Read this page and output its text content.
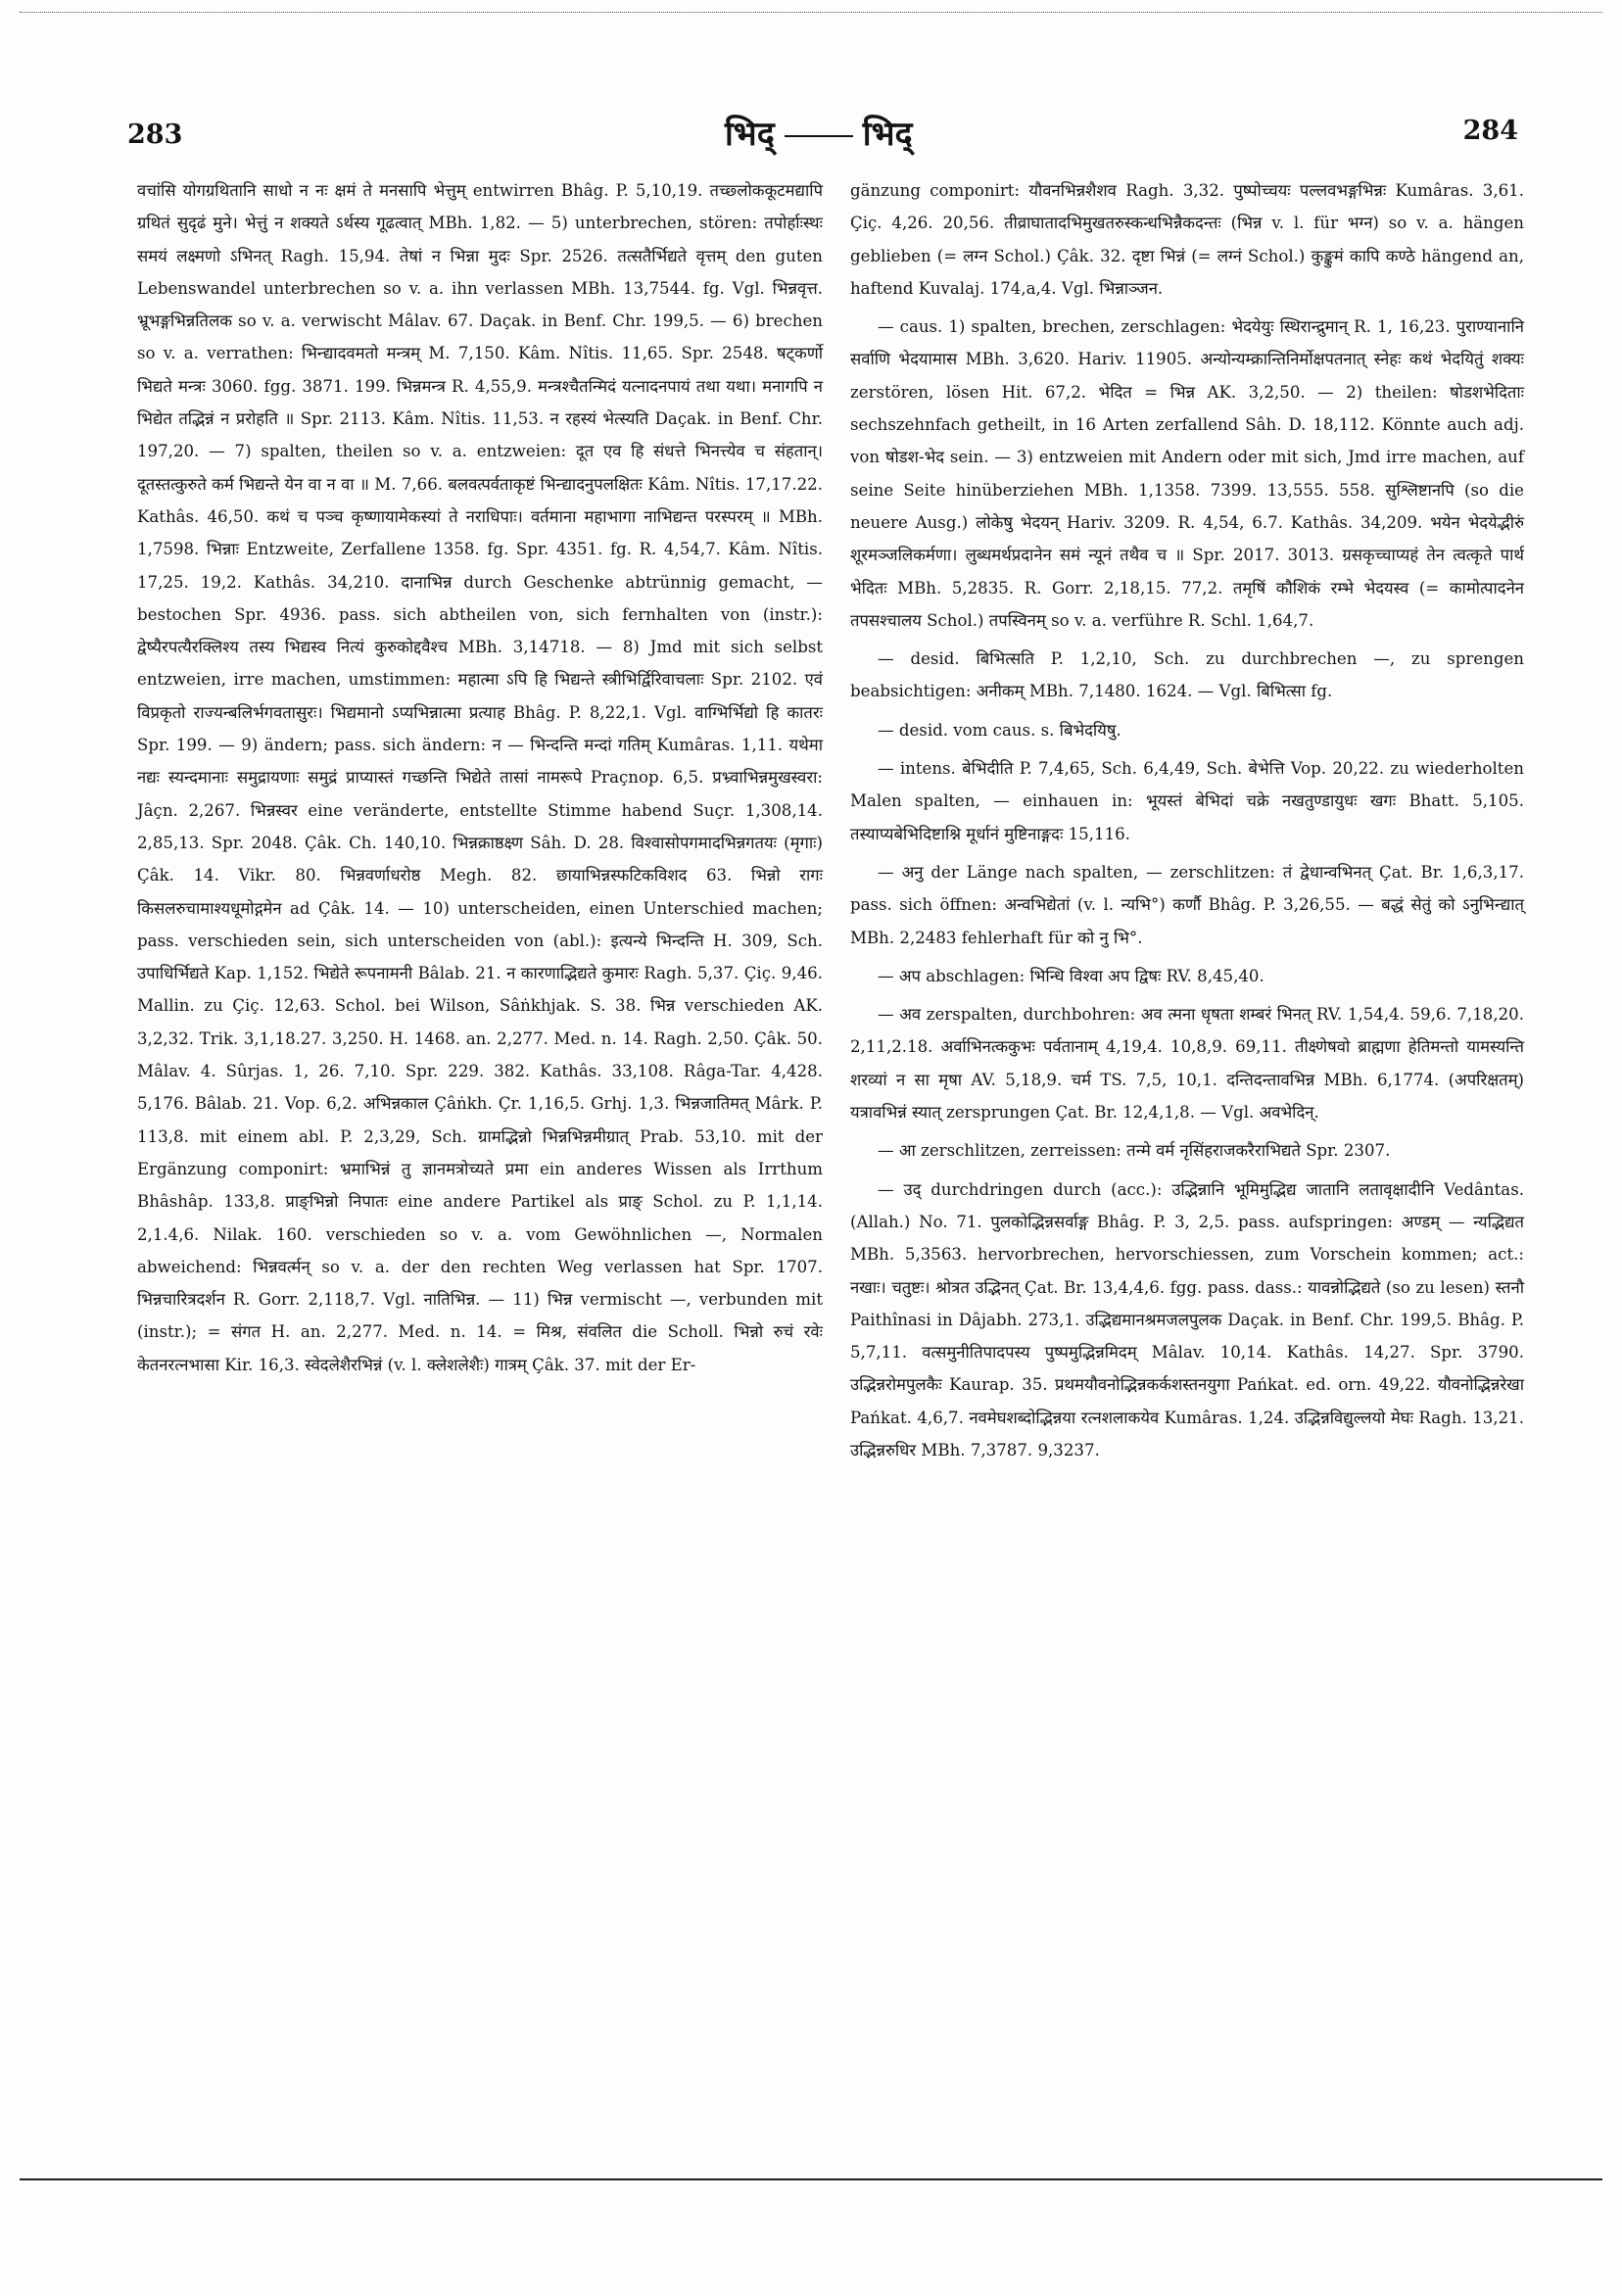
283	भिद्	भिद्	284

वचांसि योगग्रथितानि साधो न नः क्षमं ते मनसापि भेत्तुम् entwirren Bhâg. P. 5,10,19. तच्छ्लोककूटमद्यापि ग्रथितं सुदृढं मुने। भेत्तुं न शक्यते ऽर्थस्य गूढत्वात् MBh. 1,82. — 5) unterbrechen, stören: तपोर्हाःस्थः समयं लक्ष्मणो ऽभिनत् Ragh. 15,94. तेषां न भिन्ना मुदः Spr. 2526. तत्सतैर्भिद्यते वृत्तम् den guten Lebenswandel unterbrechen so v. a. ihn verlassen MBh. 13,7544. fg. Vgl. भिन्नवृत्त. भ्रूभङ्गभिन्नतिलक so v. a. verwischt Mâlav. 67. Daçak. in Benf. Chr. 199,5. — 6) brechen so v. a. verrathen: भिन्द्यादवमतो मन्त्रम् M. 7,150. Kâm. Nîtis. 11,65. Spr. 2548. षट्कर्णो भिद्यते मन्त्रः 3060. fgg. 3871. 199. भिन्नमन्त्र R. 4,55,9. मन्त्रश्चैतन्मिदं यत्नादनपायं तथा यथा। मनागपि न भिद्येत तद्भिन्नं न प्ररोहति ॥ Spr. 2113. Kâm. Nîtis. 11,53. न रहस्यं भेत्स्यति Daçak. in Benf. Chr. 197,20. — 7) spalten, theilen so v. a. entzweien: दूत एव हि संधत्ते भिनत्त्येव च संहतान्। दूतस्तत्कुरुते कर्म भिद्यन्ते येन वा न वा ॥ M. 7,66. बलवत्पर्वताकृष्टं भिन्द्यादनुपलक्षितः Kâm. Nîtis. 17,17.22. Kathâs. 46,50. कथं च पञ्च कृष्णायामेकस्यां ते नराधिपाः। वर्तमाना महाभागा नाभिद्यन्त परस्परम् ॥ MBh. 1,7598. भिन्नाः Entzweite, Zerfallene 1358. fg. Spr. 4351. fg. R. 4,54,7. Kâm. Nîtis. 17,25. 19,2. Kathâs. 34,210. दानाभिन्न durch Geschenke abtrünnig gemacht, — bestochen Spr. 4936. pass. sich abtheilen von, sich fernhalten von (instr.): द्वेष्यैरपत्यैरक्लिश्य तस्य भिद्यस्व नित्यं कुरुकोद्दवैश्च MBh. 3,14718. — 8) Jmd mit sich selbst entzweien, irre machen, umstimmen: महात्मा ऽपि हि भिद्यन्ते स्त्रीभिर्द्विरिवाचलाः Spr. 2102. एवं विप्रकृतो राज्यन्बलिर्भगवतासुरः। भिद्यमानो ऽप्यभिन्नात्मा प्रत्याह Bhâg. P. 8,22,1. Vgl. वाग्भिर्भिद्यो हि कातरः Spr. 199. — 9) ändern; pass. sich ändern: न — भिन्दन्ति मन्दां गतिम् Kumâras. 1,11. यथेमा नद्यः स्यन्दमानाः समुद्रायणाः समुद्रं प्राप्यास्तं गच्छन्ति भिद्येते तासां नामरूपे Praçnop. 6,5. प्रभ्र्वाभिन्नमुखस्वरा: Jâçn. 2,267. भिन्नस्वर eine veränderte, entstellte Stimme habend Suçr. 1,308,14. 2,85,13. Spr. 2048. Çâk. Ch. 140,10. भिन्नक्राष्ठक्ष्ण Sâh. D. 28. विश्वासोपगमादभिन्नगतयः (मृगाः) Çâk. 14. Vikr. 80. भिन्नवर्णाधरोष्ठ Megh. 82. छायाभिन्नस्फटिकविशद 63. भिन्नो रागः किसलरुचामाश्यधूमोद्गमेन ad Çâk. 14. — 10) unterscheiden, einen Unterschied machen; pass. verschieden sein, sich unterscheiden von (abl.): इत्यन्ये भिन्दन्ति H. 309, Sch. उपाधिर्भिद्यते Kap. 1,152. भिद्येते रूपनामनी Bâlab. 21. न कारणाद्भिद्यते कुमारः Ragh. 5,37. Çiç. 9,46. Mallin. zu Çiç. 12,63. Schol. bei Wilson, Sâṅkhjak. S. 38. भिन्न verschieden AK. 3,2,32. Trik. 3,1,18.27. 3,250. H. 1468. an. 2,277. Med. n. 14. Ragh. 2,50. Çâk. 50. Mâlav. 4. Sûrjas. 1, 26. 7,10. Spr. 229. 382. Kathâs. 33,108. Râga-Tar. 4,428. 5,176. Bâlab. 21. Vop. 6,2. अभिन्नकाल Çâṅkh. Çr. 1,16,5. Grhj. 1,3. भिन्नजातिमत् Mârk. P. 113,8. mit einem abl. P. 2,3,29, Sch. ग्रामद्भिन्नो भिन्नभिन्नमीग्रात् Prab. 53,10. mit der Ergänzung componirt: भ्रमाभिन्नं तु ज्ञानमत्रोच्यते प्रमा ein anderes Wissen als Irrthum Bhâshâp. 133,8. प्राङ्भिन्नो निपातः eine andere Partikel als प्राङ् Schol. zu P. 1,1,14. 2,1.4,6. Nilak. 160. verschieden so v. a. vom Gewöhnlichen —, Normalen abweichend: भिन्नवर्त्मन् so v. a. der den rechten Weg verlassen hat Spr. 1707. भिन्नचारित्रदर्शन R. Gorr. 2,118,7. Vgl. नातिभिन्न. — 11) भिन्न vermischt —, verbunden mit (instr.); = संगत H. an. 2,277. Med. n. 14. = मिश्र, संवलित die Scholl. भिन्नो रुचं रवेः केतनरत्नभासा Kir. 16,3. स्वेदलेशैरभिन्नं (v. l. क्लेशलेशैः) गात्रम् Çâk. 37. mit der Er-

gänzung componirt: यौवनभिन्नशैशव Ragh. 3,32. पुष्पोच्चयः पल्लवभङ्गभिन्नः Kumâras. 3,61. Çiç. 4,26. 20,56. तीव्राघातादभिमुखतरुस्कन्धभिन्नैकदन्तः (भिन्न v. l. für भग्न) so v. a. hängen geblieben (= लग्न Schol.) Çâk. 32. दृष्टा भिन्नं (= लग्नं Schol.) कुङ्कुमं कापि कण्ठे hängend an, haftend Kuvalaj. 174,a,4. Vgl. भिन्नाञ्जन.

— caus. 1) spalten, brechen, zerschlagen: भेदयेयुः स्थिरान्द्रुमान् R. 1, 16,23. पुराण्यानानि सर्वाणि भेदयामास MBh. 3,620. Hariv. 11905. अन्योन्यम्क्रान्तिनिर्मोक्षपतनात् स्नेहः कथं भेदयितुं शक्यः zerstören, lösen Hit. 67,2. भेदित = भिन्न AK. 3,2,50. — 2) theilen: षोडशभेदिताः sechszehnfach getheilt, in 16 Arten zerfallend Sâh. D. 18,112. Könnte auch adj. von षोडश-भेद sein. — 3) entzweien mit Andern oder mit sich, Jmd irre machen, auf seine Seite hinüberziehen MBh. 1,1358. 7399. 13,555. 558. सुश्लिष्टानपि (so die neuere Ausg.) लोकेषु भेदयन् Hariv. 3209. R. 4,54, 6.7. Kathâs. 34,209. भयेन भेदयेद्भीरुं शूरमञ्जलिकर्मणा। लुब्धमर्थप्रदानेन समं न्यूनं तथैव च ॥ Spr. 2017. 3013. ग्रसकृच्चाप्यहं तेन त्वत्कृते पार्थ भेदितः MBh. 5,2835. R. Gorr. 2,18,15. 77,2. तमृषिं कौशिकं रम्भे भेदयस्व (= कामोत्पादनेन तपसश्चालय Schol.) तपस्विनम् so v. a. verführe R. Schl. 1,64,7.

— desid. बिभित्सति P. 1,2,10, Sch. zu durchbrechen —, zu sprengen beabsichtigen: अनीकम् MBh. 7,1480. 1624. — Vgl. बिभित्सा fg.

— desid. vom caus. s. बिभेदयिषु.

— intens. बेभिदीति P. 7,4,65, Sch. 6,4,49, Sch. बेभेत्ति Vop. 20,22. zu wiederholten Malen spalten, — einhauen in: भूयस्तं बेभिदां चक्रे नखतुण्डायुधः खगः Bhatt. 5,105. तस्याप्यबेभिदिष्टाश्नि मूर्धानं मुष्टिनाङ्गदः 15,116.

— अनु der Länge nach spalten, — zerschlitzen: तं द्वेधान्वभिनत् Çat. Br. 1,6,3,17. pass. sich öffnen: अन्वभिद्येतां (v. l. न्यभि°) कर्णौ Bhâg. P. 3,26,55. — बद्धं सेतुं को ऽनुभिन्द्यात् MBh. 2,2483 fehlerhaft für को नु भि°.

— अप abschlagen: भिन्धि विश्वा अप द्विषः RV. 8,45,40.

— अव zerspalten, durchbohren: अव त्मना धृषता शम्बरं भिनत् RV. 1,54,4. 59,6. 7,18,20. 2,11,2.18. अर्वाभिनत्ककुभः पर्वतानाम् 4,19,4. 10,8,9. 69,11. तीक्ष्णेषवो ब्राह्मणा हेतिमन्तो यामस्यन्ति शरव्यां न सा मृषा AV. 5,18,9. चर्म TS. 7,5, 10,1. दन्तिदन्तावभिन्न MBh. 6,1774. (अपरिक्षतम्) यत्रावभिन्नं स्यात् zersprungen Çat. Br. 12,4,1,8. — Vgl. अवभेदिन्.

— आ zerschlitzen, zerreissen: तन्मे वर्म नृसिंहराजकरैराभिद्यते Spr. 2307.

— उद् durchdringen durch (acc.): उद्भिन्नानि भूमिमुद्भिद्य जातानि लतावृक्षादीनि Vedântas. (Allah.) No. 71. पुलकोद्भिन्नसर्वाङ्ग Bhâg. P. 3, 2,5. pass. aufspringen: अण्डम् — न्यद्भिद्यत MBh. 5,3563. hervorbrechen, hervorschiessen, zum Vorschein kommen; act.: नखाः। चतुष्टः। श्रोत्रत उद्भिनत् Çat. Br. 13,4,4,6. fgg. pass. dass.: यावन्नोद्भिद्यते (so zu lesen) स्तनौ Paithînasi in Dâjabh. 273,1. उद्भिद्यमानश्रमजलपुलक Daçak. in Benf. Chr. 199,5. Bhâg. P. 5,7,11. वत्समुनीतिपादपस्य पुष्पमुद्भिन्नमिदम् Mâlav. 10,14. Kathâs. 14,27. Spr. 3790. उद्भिन्नरोमपुलकैः Kaurap. 35. प्रथमयौवनोद्भिन्नकर्कशस्तनयुगा Pańkat. ed. orn. 49,22. यौवनोद्भिन्नरेखा Pańkat. 4,6,7. नवमेघशब्दोद्भिन्नया रत्नशलाकयेव Kumâras. 1,24. उद्भिन्नविद्युल्लयो मेघः Ragh. 13,21. उद्भिन्नरुधिर MBh. 7,3787. 9,3237.
